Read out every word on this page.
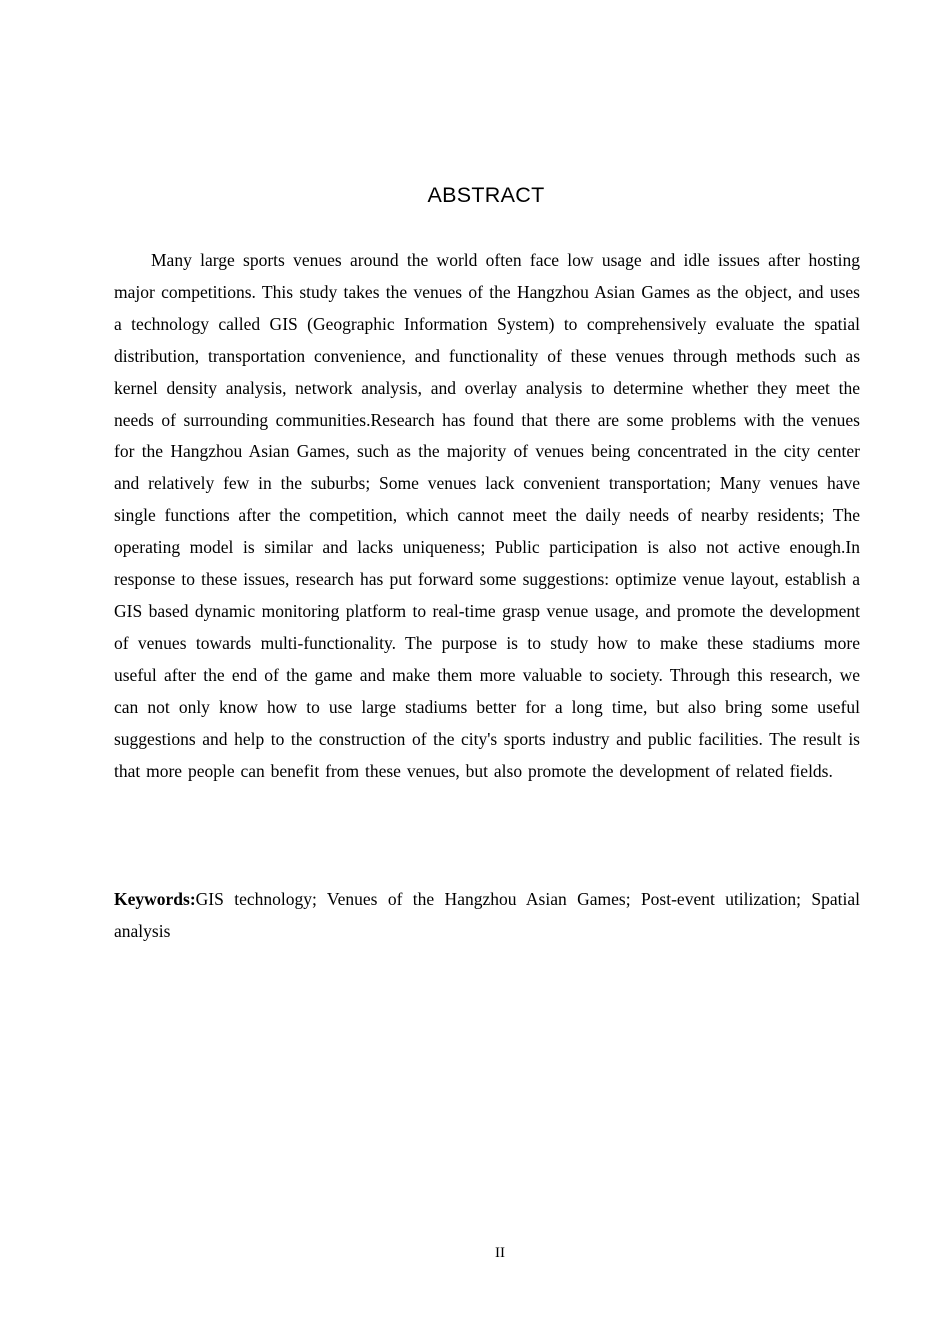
ABSTRACT

Many large sports venues around the world often face low usage and idle issues after hosting major competitions. This study takes the venues of the Hangzhou Asian Games as the object, and uses a technology called GIS (Geographic Information System) to comprehensively evaluate the spatial distribution, transportation convenience, and functionality of these venues through methods such as kernel density analysis, network analysis, and overlay analysis to determine whether they meet the needs of surrounding communities.Research has found that there are some problems with the venues for the Hangzhou Asian Games, such as the majority of venues being concentrated in the city center and relatively few in the suburbs; Some venues lack convenient transportation; Many venues have single functions after the competition, which cannot meet the daily needs of nearby residents; The operating model is similar and lacks uniqueness; Public participation is also not active enough.In response to these issues, research has put forward some suggestions: optimize venue layout, establish a GIS based dynamic monitoring platform to real-time grasp venue usage, and promote the development of venues towards multi-functionality. The purpose is to study how to make these stadiums more useful after the end of the game and make them more valuable to society. Through this research, we can not only know how to use large stadiums better for a long time, but also bring some useful suggestions and help to the construction of the city's sports industry and public facilities. The result is that more people can benefit from these venues, but also promote the development of related fields.

Keywords:GIS technology; Venues of the Hangzhou Asian Games; Post-event utilization; Spatial analysis

II
